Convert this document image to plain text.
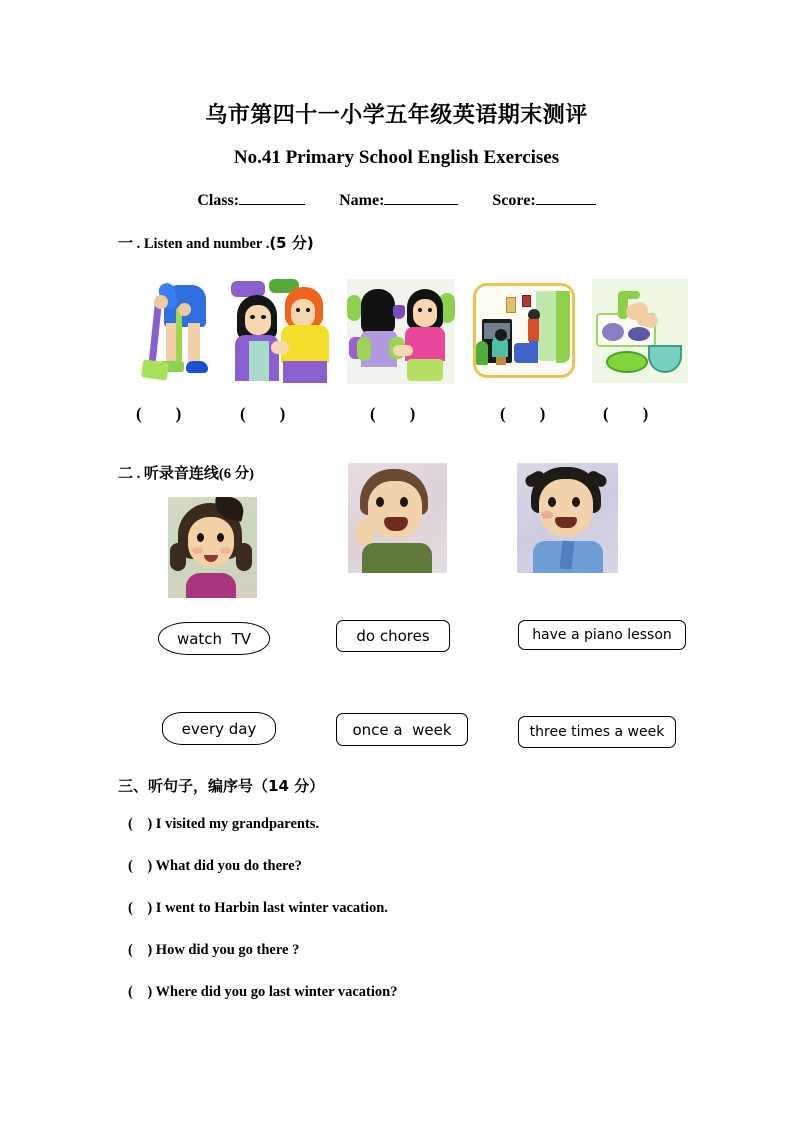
乌市第四十一小学五年级英语期末测评
No.41 Primary School English Exercises
Class:	Name:	Score:
一 . Listen and number .(5 分)
(        )	(        )	(        )	(        )	(        )
二 . 听录音连线(6 分)
watch  TV	do chores	have a piano lesson
every day	once a  week	three times a week
三、听句子，编序号（14 分）
(    ) I visited my grandparents.
(    ) What did you do there?
(    ) I went to Harbin last winter vacation.
(    ) How did you go there ?
(    ) Where did you go last winter vacation?
